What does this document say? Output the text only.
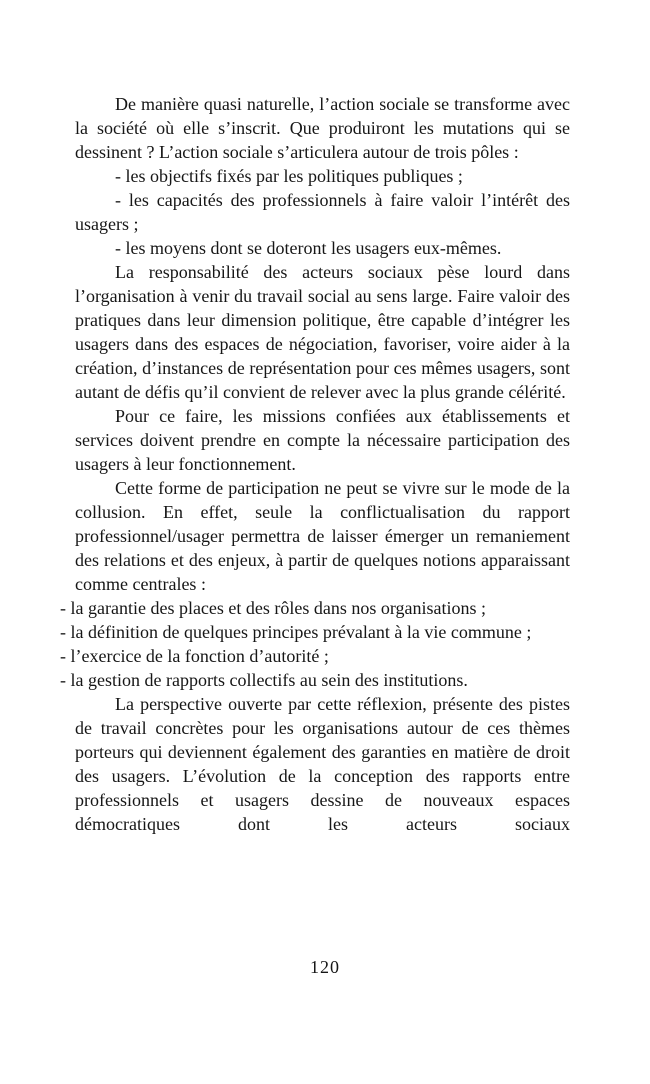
De manière quasi naturelle, l’action sociale se transforme avec la société où elle s’inscrit. Que produiront les mutations qui se dessinent ? L’action sociale s’articulera autour de trois pôles :

- les objectifs fixés par les politiques publiques ;

- les capacités des professionnels à faire valoir l’intérêt des usagers ;

- les moyens dont se doteront les usagers eux-mêmes.

La responsabilité des acteurs sociaux pèse lourd dans l’organisation à venir du travail social au sens large. Faire valoir des pratiques dans leur dimension politique, être capable d’intégrer les usagers dans des espaces de négociation, favoriser, voire aider à la création, d’instances de représentation pour ces mêmes usagers, sont autant de défis qu’il convient de relever avec la plus grande célérité.

Pour ce faire, les missions confiées aux établissements et services doivent prendre en compte la nécessaire participation des usagers à leur fonctionnement.

Cette forme de participation ne peut se vivre sur le mode de la collusion. En effet, seule la conflictualisation du rapport professionnel/usager permettra de laisser émerger un remaniement des relations et des enjeux, à partir de quelques notions apparaissant comme centrales :

- la garantie des places et des rôles dans nos organisations ;

- la définition de quelques principes prévalant à la vie commune ;

- l’exercice de la fonction d’autorité ;

- la gestion de rapports collectifs au sein des institutions.

La perspective ouverte par cette réflexion, présente des pistes de travail concrètes pour les organisations autour de ces thèmes porteurs qui deviennent également des garanties en matière de droit des usagers. L’évolution de la conception des rapports entre professionnels et usagers dessine de nouveaux espaces démocratiques dont les acteurs sociaux

120
